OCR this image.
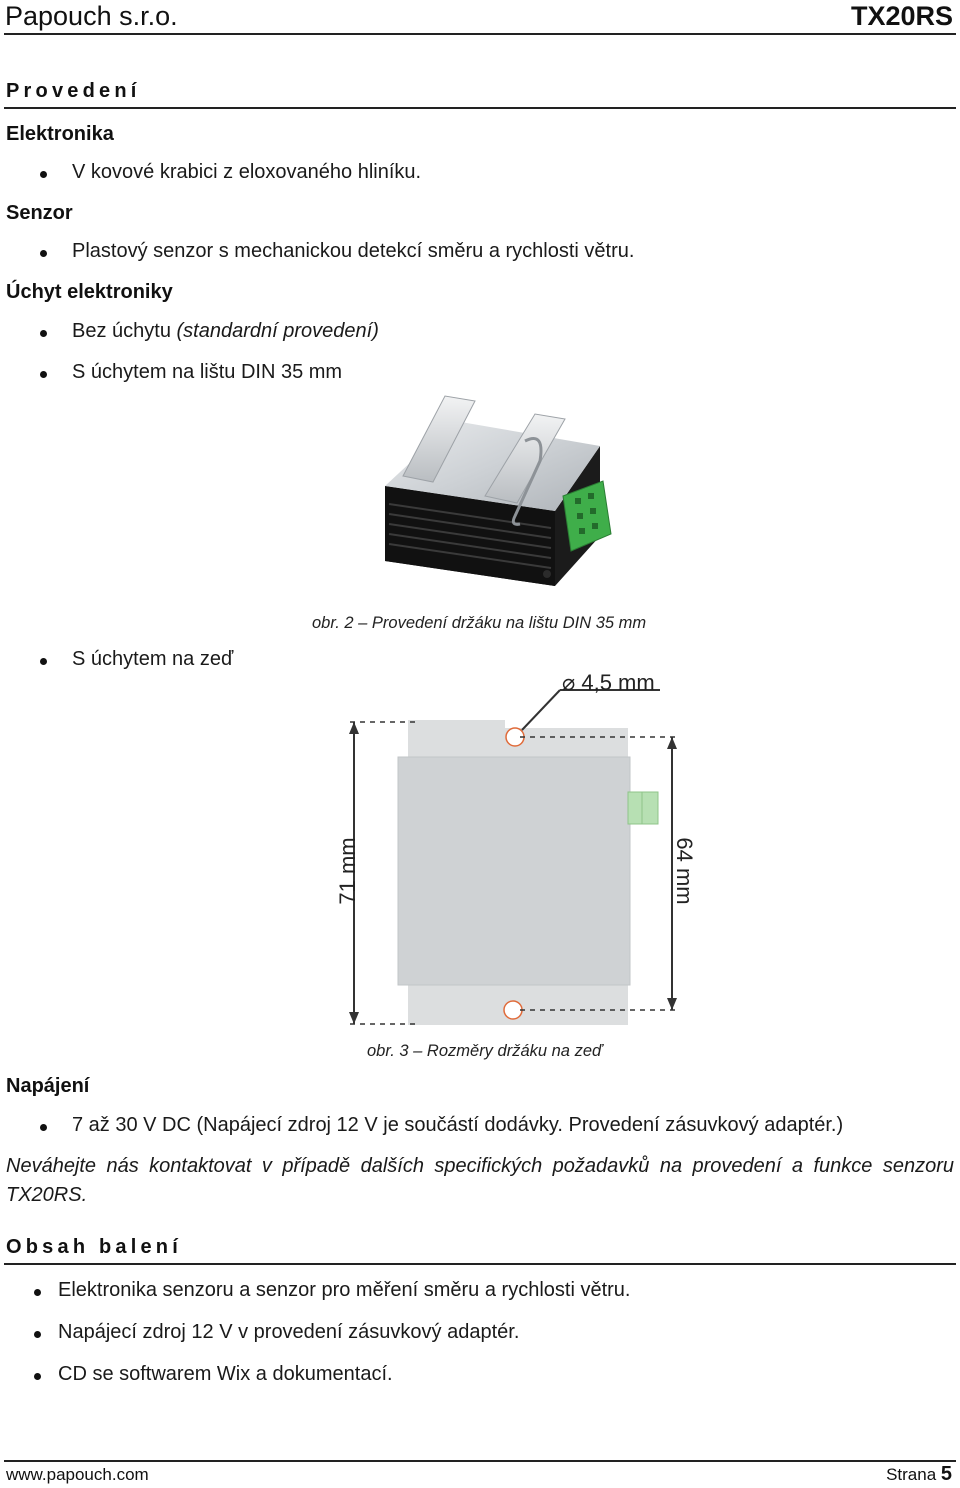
Papouch s.r.o.	TX20RS
Provedení
Elektronika
V kovové krabici z eloxovaného hliníku.
Senzor
Plastový senzor s mechanickou detekcí směru a rychlosti větru.
Úchyt elektroniky
Bez úchytu (standardní provedení)
S úchytem na lištu DIN 35 mm
obr. 2 – Provedení držáku na lištu DIN 35 mm
S úchytem na zeď
⌀ 4,5 mm
71 mm	64 mm
obr. 3 – Rozměry držáku na zeď
Napájení
7 až 30 V DC (Napájecí zdroj 12 V je součástí dodávky. Provedení zásuvkový adaptér.)
Neváhejte nás kontaktovat v případě dalších specifických požadavků na provedení a funkce senzoru TX20RS.
Obsah balení
Elektronika senzoru a senzor pro měření směru a rychlosti větru.
Napájecí zdroj 12 V v provedení zásuvkový adaptér.
CD se softwarem Wix a dokumentací.
www.papouch.com	Strana 5
